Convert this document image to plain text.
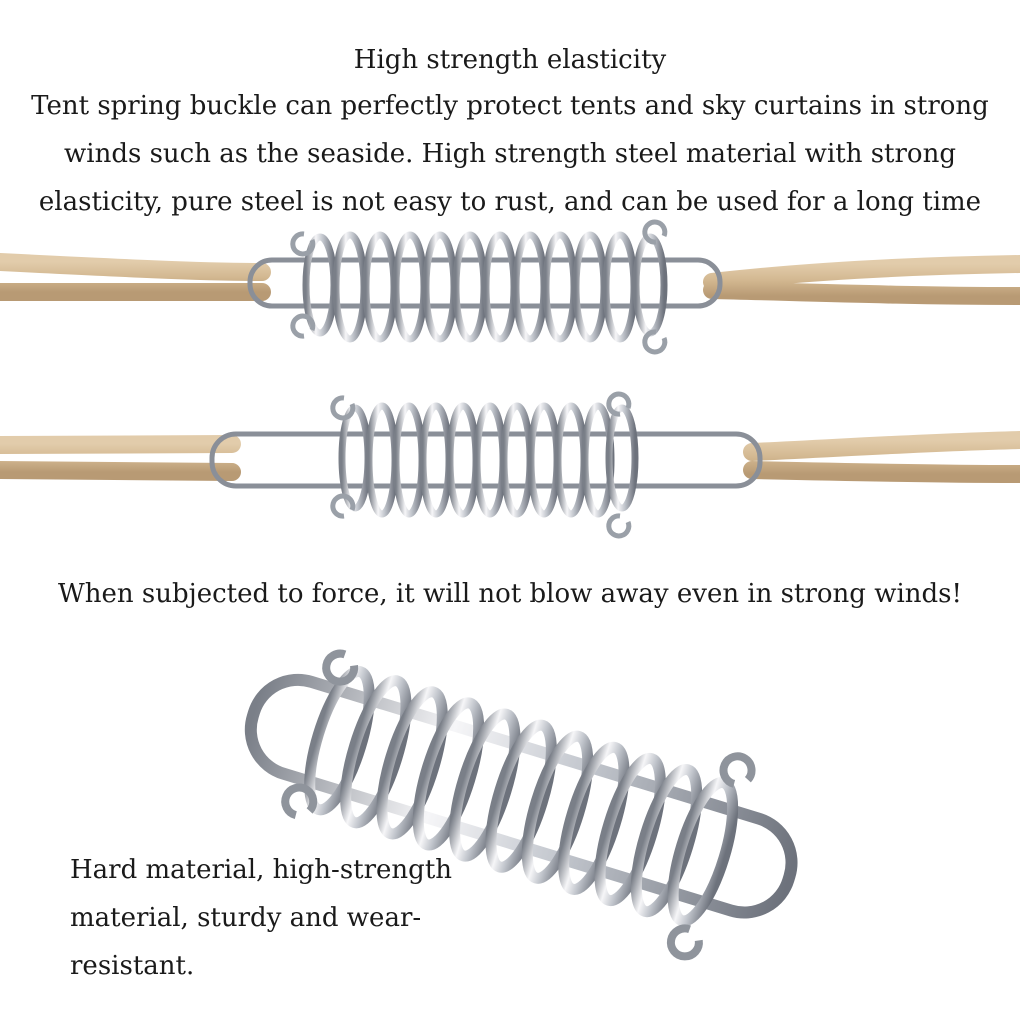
High strength elasticity
Tent spring buckle can perfectly protect tents and sky curtains in strong winds such as the seaside. High strength steel material with strong elasticity, pure steel is not easy to rust, and can be used for a long time
When subjected to force, it will not blow away even in strong winds!
Hard material, high-strength material, sturdy and wear-resistant.
